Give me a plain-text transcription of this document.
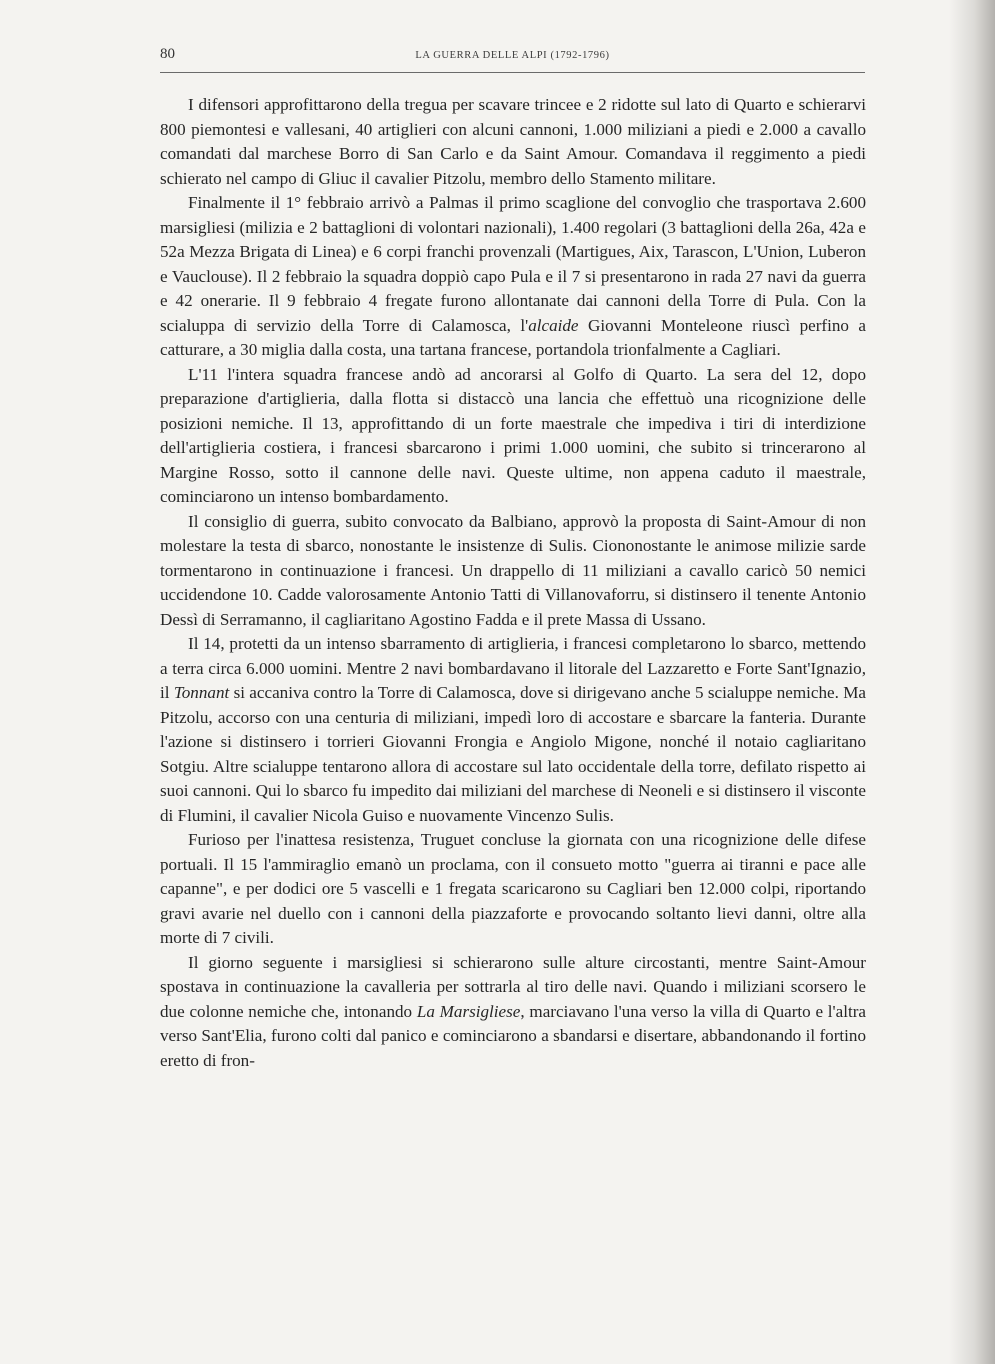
80	LA GUERRA DELLE ALPI (1792-1796)

I difensori approfittarono della tregua per scavare trincee e 2 ridotte sul lato di Quarto e schierarvi 800 piemontesi e vallesani, 40 artiglieri con alcuni cannoni, 1.000 miliziani a piedi e 2.000 a cavallo comandati dal marchese Borro di San Carlo e da Saint Amour. Comandava il reggimento a piedi schierato nel campo di Gliuc il cavalier Pitzolu, membro dello Stamento militare.

Finalmente il 1° febbraio arrivò a Palmas il primo scaglione del convoglio che trasportava 2.600 marsigliesi (milizia e 2 battaglioni di volontari nazionali), 1.400 regolari (3 battaglioni della 26a, 42a e 52a Mezza Brigata di Linea) e 6 corpi franchi provenzali (Martigues, Aix, Tarascon, L'Union, Luberon e Vauclouse). Il 2 febbraio la squadra doppiò capo Pula e il 7 si presentarono in rada 27 navi da guerra e 42 onerarie. Il 9 febbraio 4 fregate furono allontanate dai cannoni della Torre di Pula. Con la scialuppa di servizio della Torre di Calamosca, l'alcaide Giovanni Monteleone riuscì perfino a catturare, a 30 miglia dalla costa, una tartana francese, portandola trionfalmente a Cagliari.

L'11 l'intera squadra francese andò ad ancorarsi al Golfo di Quarto. La sera del 12, dopo preparazione d'artiglieria, dalla flotta si distaccò una lancia che effettuò una ricognizione delle posizioni nemiche. Il 13, approfittando di un forte maestrale che impediva i tiri di interdizione dell'artiglieria costiera, i francesi sbarcarono i primi 1.000 uomini, che subito si trincerarono al Margine Rosso, sotto il cannone delle navi. Queste ultime, non appena caduto il maestrale, cominciarono un intenso bombardamento.

Il consiglio di guerra, subito convocato da Balbiano, approvò la proposta di Saint-Amour di non molestare la testa di sbarco, nonostante le insistenze di Sulis. Ciononostante le animose milizie sarde tormentarono in continuazione i francesi. Un drappello di 11 miliziani a cavallo caricò 50 nemici uccidendone 10. Cadde valorosamente Antonio Tatti di Villanovaforru, si distinsero il tenente Antonio Dessì di Serramanno, il cagliaritano Agostino Fadda e il prete Massa di Ussano.

Il 14, protetti da un intenso sbarramento di artiglieria, i francesi completarono lo sbarco, mettendo a terra circa 6.000 uomini. Mentre 2 navi bombardavano il litorale del Lazzaretto e Forte Sant'Ignazio, il Tonnant si accaniva contro la Torre di Calamosca, dove si dirigevano anche 5 scialuppe nemiche. Ma Pitzolu, accorso con una centuria di miliziani, impedì loro di accostare e sbarcare la fanteria. Durante l'azione si distinsero i torrieri Giovanni Frongia e Angiolo Migone, nonché il notaio cagliaritano Sotgiu. Altre scialuppe tentarono allora di accostare sul lato occidentale della torre, defilato rispetto ai suoi cannoni. Qui lo sbarco fu impedito dai miliziani del marchese di Neoneli e si distinsero il visconte di Flumini, il cavalier Nicola Guiso e nuovamente Vincenzo Sulis.

Furioso per l'inattesa resistenza, Truguet concluse la giornata con una ricognizione delle difese portuali. Il 15 l'ammiraglio emanò un proclama, con il consueto motto "guerra ai tiranni e pace alle capanne", e per dodici ore 5 vascelli e 1 fregata scaricarono su Cagliari ben 12.000 colpi, riportando gravi avarie nel duello con i cannoni della piazzaforte e provocando soltanto lievi danni, oltre alla morte di 7 civili.

Il giorno seguente i marsigliesi si schierarono sulle alture circostanti, mentre Saint-Amour spostava in continuazione la cavalleria per sottrarla al tiro delle navi. Quando i miliziani scorsero le due colonne nemiche che, intonando La Marsigliese, marciavano l'una verso la villa di Quarto e l'altra verso Sant'Elia, furono colti dal panico e cominciarono a sbandarsi e disertare, abbandonando il fortino eretto di fron-
